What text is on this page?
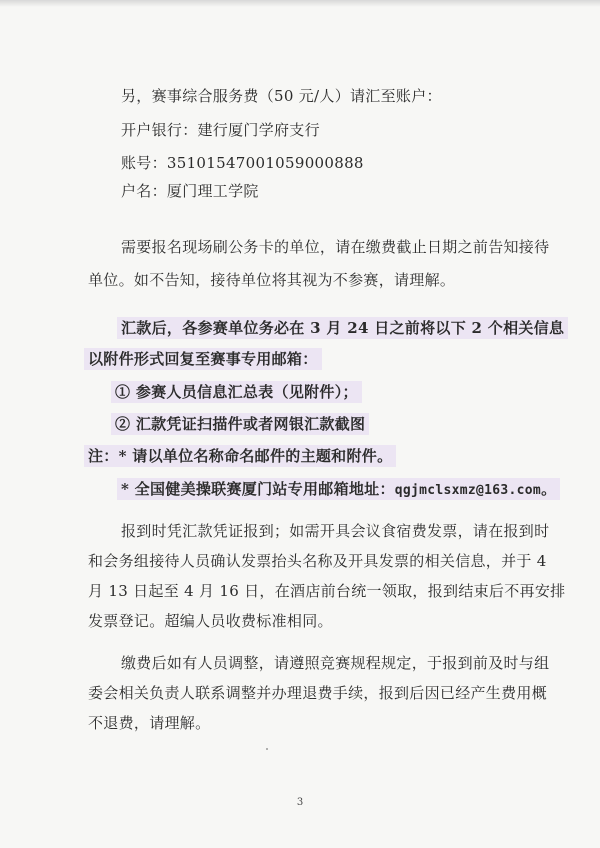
另，赛事综合服务费（50 元/人）请汇至账户：
开户银行：建行厦门学府支行
账号：35101547001059000888
户名：厦门理工学院
需要报名现场刷公务卡的单位，请在缴费截止日期之前告知接待
单位。如不告知，接待单位将其视为不参赛，请理解。
汇款后，各参赛单位务必在 3 月 24 日之前将以下 2 个相关信息
以附件形式回复至赛事专用邮箱：
① 参赛人员信息汇总表（见附件）；
② 汇款凭证扫描件或者网银汇款截图
注：* 请以单位名称命名邮件的主题和附件。
* 全国健美操联赛厦门站专用邮箱地址：qgjmclsxmz@163.com。
报到时凭汇款凭证报到；如需开具会议食宿费发票，请在报到时
和会务组接待人员确认发票抬头名称及开具发票的相关信息，并于 4
月 13 日起至 4 月 16 日，在酒店前台统一领取，报到结束后不再安排
发票登记。超编人员收费标准相同。
缴费后如有人员调整，请遵照竞赛规程规定，于报到前及时与组
委会相关负责人联系调整并办理退费手续，报到后因已经产生费用概
不退费，请理解。
3
